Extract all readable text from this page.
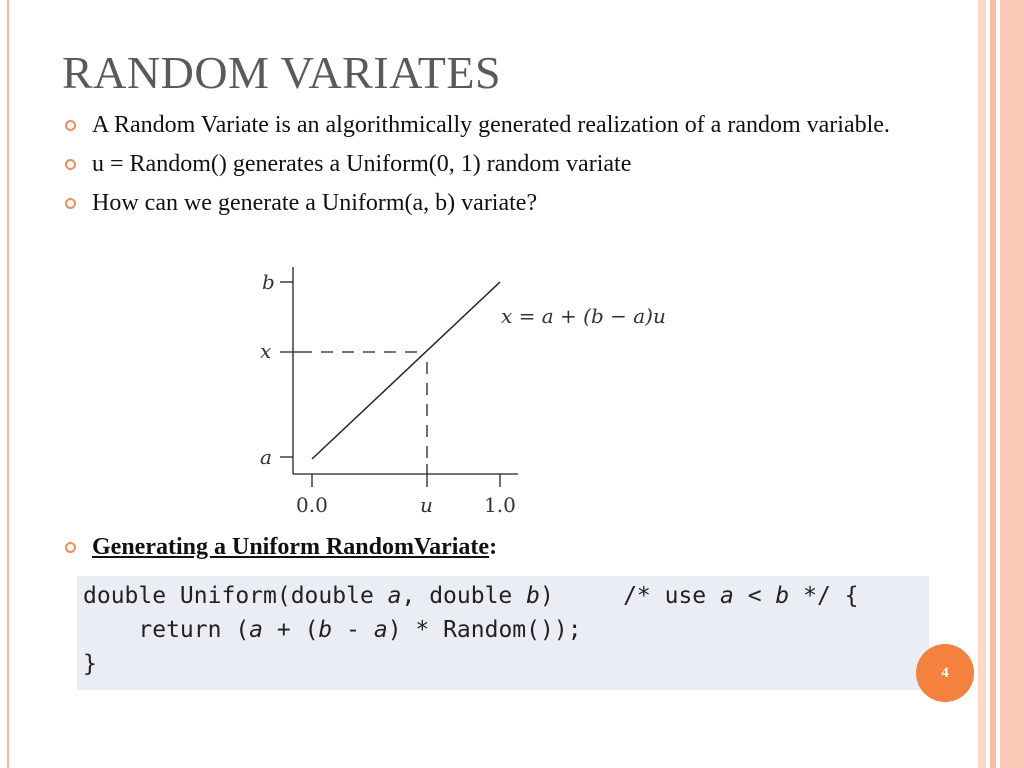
RANDOM VARIATES
A Random Variate is an algorithmically generated realization of a random variable.
u = Random() generates a Uniform(0, 1) random variate
How can we generate a Uniform(a, b) variate?
b
x
a
0.0	u	1.0
x = a + (b − a)u
Generating a Uniform RandomVariate:
double Uniform(double a, double b)     /* use a < b */ {
return (a + (b - a) * Random());
}	4
